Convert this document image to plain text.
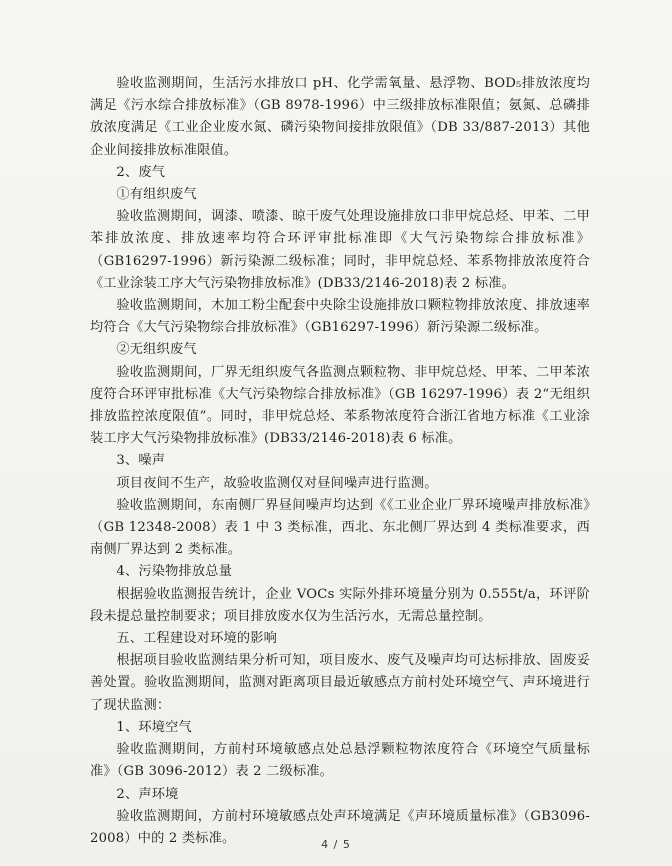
验收监测期间，生活污水排放口 pH、化学需氧量、悬浮物、BOD₅排放浓度均满足《污水综合排放标准》（GB 8978-1996）中三级排放标准限值；氨氮、总磷排放浓度满足《工业企业废水氮、磷污染物间接排放限值》（DB 33/887-2013）其他企业间接排放标准限值。

2、废气

①有组织废气

验收监测期间，调漆、喷漆、晾干废气处理设施排放口非甲烷总烃、甲苯、二甲苯排放浓度、排放速率均符合环评审批标准即《大气污染物综合排放标准》（GB16297-1996）新污染源二级标准；同时，非甲烷总烃、苯系物排放浓度符合《工业涂装工序大气污染物排放标准》(DB33/2146-2018)表 2 标准。

验收监测期间，木加工粉尘配套中央除尘设施排放口颗粒物排放浓度、排放速率均符合《大气污染物综合排放标准》（GB16297-1996）新污染源二级标准。

②无组织废气

验收监测期间，厂界无组织废气各监测点颗粒物、非甲烷总烃、甲苯、二甲苯浓度符合环评审批标准《大气污染物综合排放标准》（GB 16297-1996）表 2“无组织排放监控浓度限值”。同时，非甲烷总烃、苯系物浓度符合浙江省地方标准《工业涂装工序大气污染物排放标准》(DB33/2146-2018)表 6 标准。

3、噪声

项目夜间不生产，故验收监测仅对昼间噪声进行监测。

验收监测期间，东南侧厂界昼间噪声均达到《《工业企业厂界环境噪声排放标准》（GB 12348-2008）表 1 中 3 类标准，西北、东北侧厂界达到 4 类标准要求，西南侧厂界达到 2 类标准。

4、污染物排放总量

根据验收监测报告统计，企业 VOCs 实际外排环境量分别为 0.555t/a，环评阶段未提总量控制要求；项目排放废水仅为生活污水，无需总量控制。

五、工程建设对环境的影响

根据项目验收监测结果分析可知，项目废水、废气及噪声均可达标排放、固废妥善处置。验收监测期间，监测对距离项目最近敏感点方前村处环境空气、声环境进行了现状监测：

1、环境空气

验收监测期间，方前村环境敏感点处总悬浮颗粒物浓度符合《环境空气质量标准》（GB 3096-2012）表 2 二级标准。

2、声环境

验收监测期间，方前村环境敏感点处声环境满足《声环境质量标准》（GB3096-2008）中的 2 类标准。	4 / 5
